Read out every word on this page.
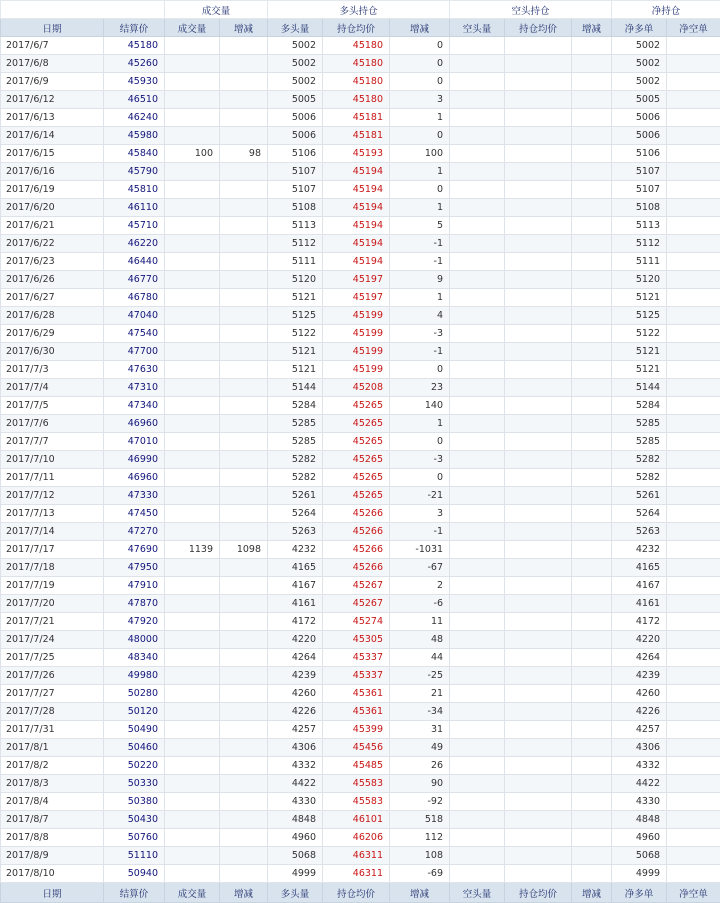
		成交量		多头持仓			空头持仓			净持仓	
日期	结算价	成交量	增减	多头量	持仓均价	增减	空头量	持仓均价	增减	净多单	净空单
2017/6/7	45180			5002	45180	0				5002	
2017/6/8	45260			5002	45180	0				5002	
2017/6/9	45930			5002	45180	0				5002	
2017/6/12	46510			5005	45180	3				5005	
2017/6/13	46240			5006	45181	1				5006	
2017/6/14	45980			5006	45181	0				5006	
2017/6/15	45840	100	98	5106	45193	100				5106	
2017/6/16	45790			5107	45194	1				5107	
2017/6/19	45810			5107	45194	0				5107	
2017/6/20	46110			5108	45194	1				5108	
2017/6/21	45710			5113	45194	5				5113	
2017/6/22	46220			5112	45194	-1				5112	
2017/6/23	46440			5111	45194	-1				5111	
2017/6/26	46770			5120	45197	9				5120	
2017/6/27	46780			5121	45197	1				5121	
2017/6/28	47040			5125	45199	4				5125	
2017/6/29	47540			5122	45199	-3				5122	
2017/6/30	47700			5121	45199	-1				5121	
2017/7/3	47630			5121	45199	0				5121	
2017/7/4	47310			5144	45208	23				5144	
2017/7/5	47340			5284	45265	140				5284	
2017/7/6	46960			5285	45265	1				5285	
2017/7/7	47010			5285	45265	0				5285	
2017/7/10	46990			5282	45265	-3				5282	
2017/7/11	46960			5282	45265	0				5282	
2017/7/12	47330			5261	45265	-21				5261	
2017/7/13	47450			5264	45266	3				5264	
2017/7/14	47270			5263	45266	-1				5263	
2017/7/17	47690	1139	1098	4232	45266	-1031				4232	
2017/7/18	47950			4165	45266	-67				4165	
2017/7/19	47910			4167	45267	2				4167	
2017/7/20	47870			4161	45267	-6				4161	
2017/7/21	47920			4172	45274	11				4172	
2017/7/24	48000			4220	45305	48				4220	
2017/7/25	48340			4264	45337	44				4264	
2017/7/26	49980			4239	45337	-25				4239	
2017/7/27	50280			4260	45361	21				4260	
2017/7/28	50120			4226	45361	-34				4226	
2017/7/31	50490			4257	45399	31				4257	
2017/8/1	50460			4306	45456	49				4306	
2017/8/2	50220			4332	45485	26				4332	
2017/8/3	50330			4422	45583	90				4422	
2017/8/4	50380			4330	45583	-92				4330	
2017/8/7	50430			4848	46101	518				4848	
2017/8/8	50760			4960	46206	112				4960	
2017/8/9	51110			5068	46311	108				5068	
2017/8/10	50940			4999	46311	-69				4999	
日期	结算价	成交量	增减	多头量	持仓均价	增减	空头量	持仓均价	增减	净多单	净空单
